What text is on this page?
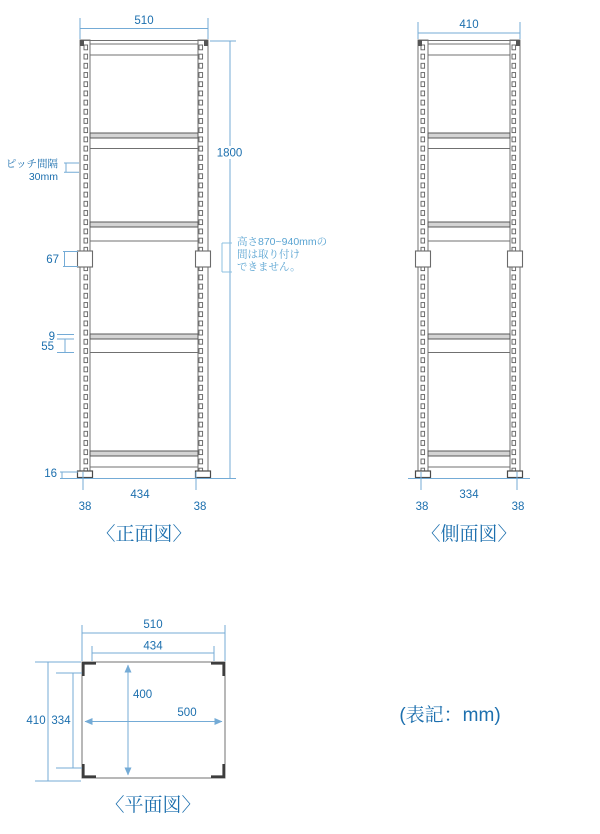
510
1800
ピッチ間隔
30mm
67
9
55
16
434
38	38
高さ870~940mmの
間は取り付け
できません。
〈正面図〉
410
334
38	38
〈側面図〉
510
434
410 334
400
500
〈平面図〉
(表記：mm)
